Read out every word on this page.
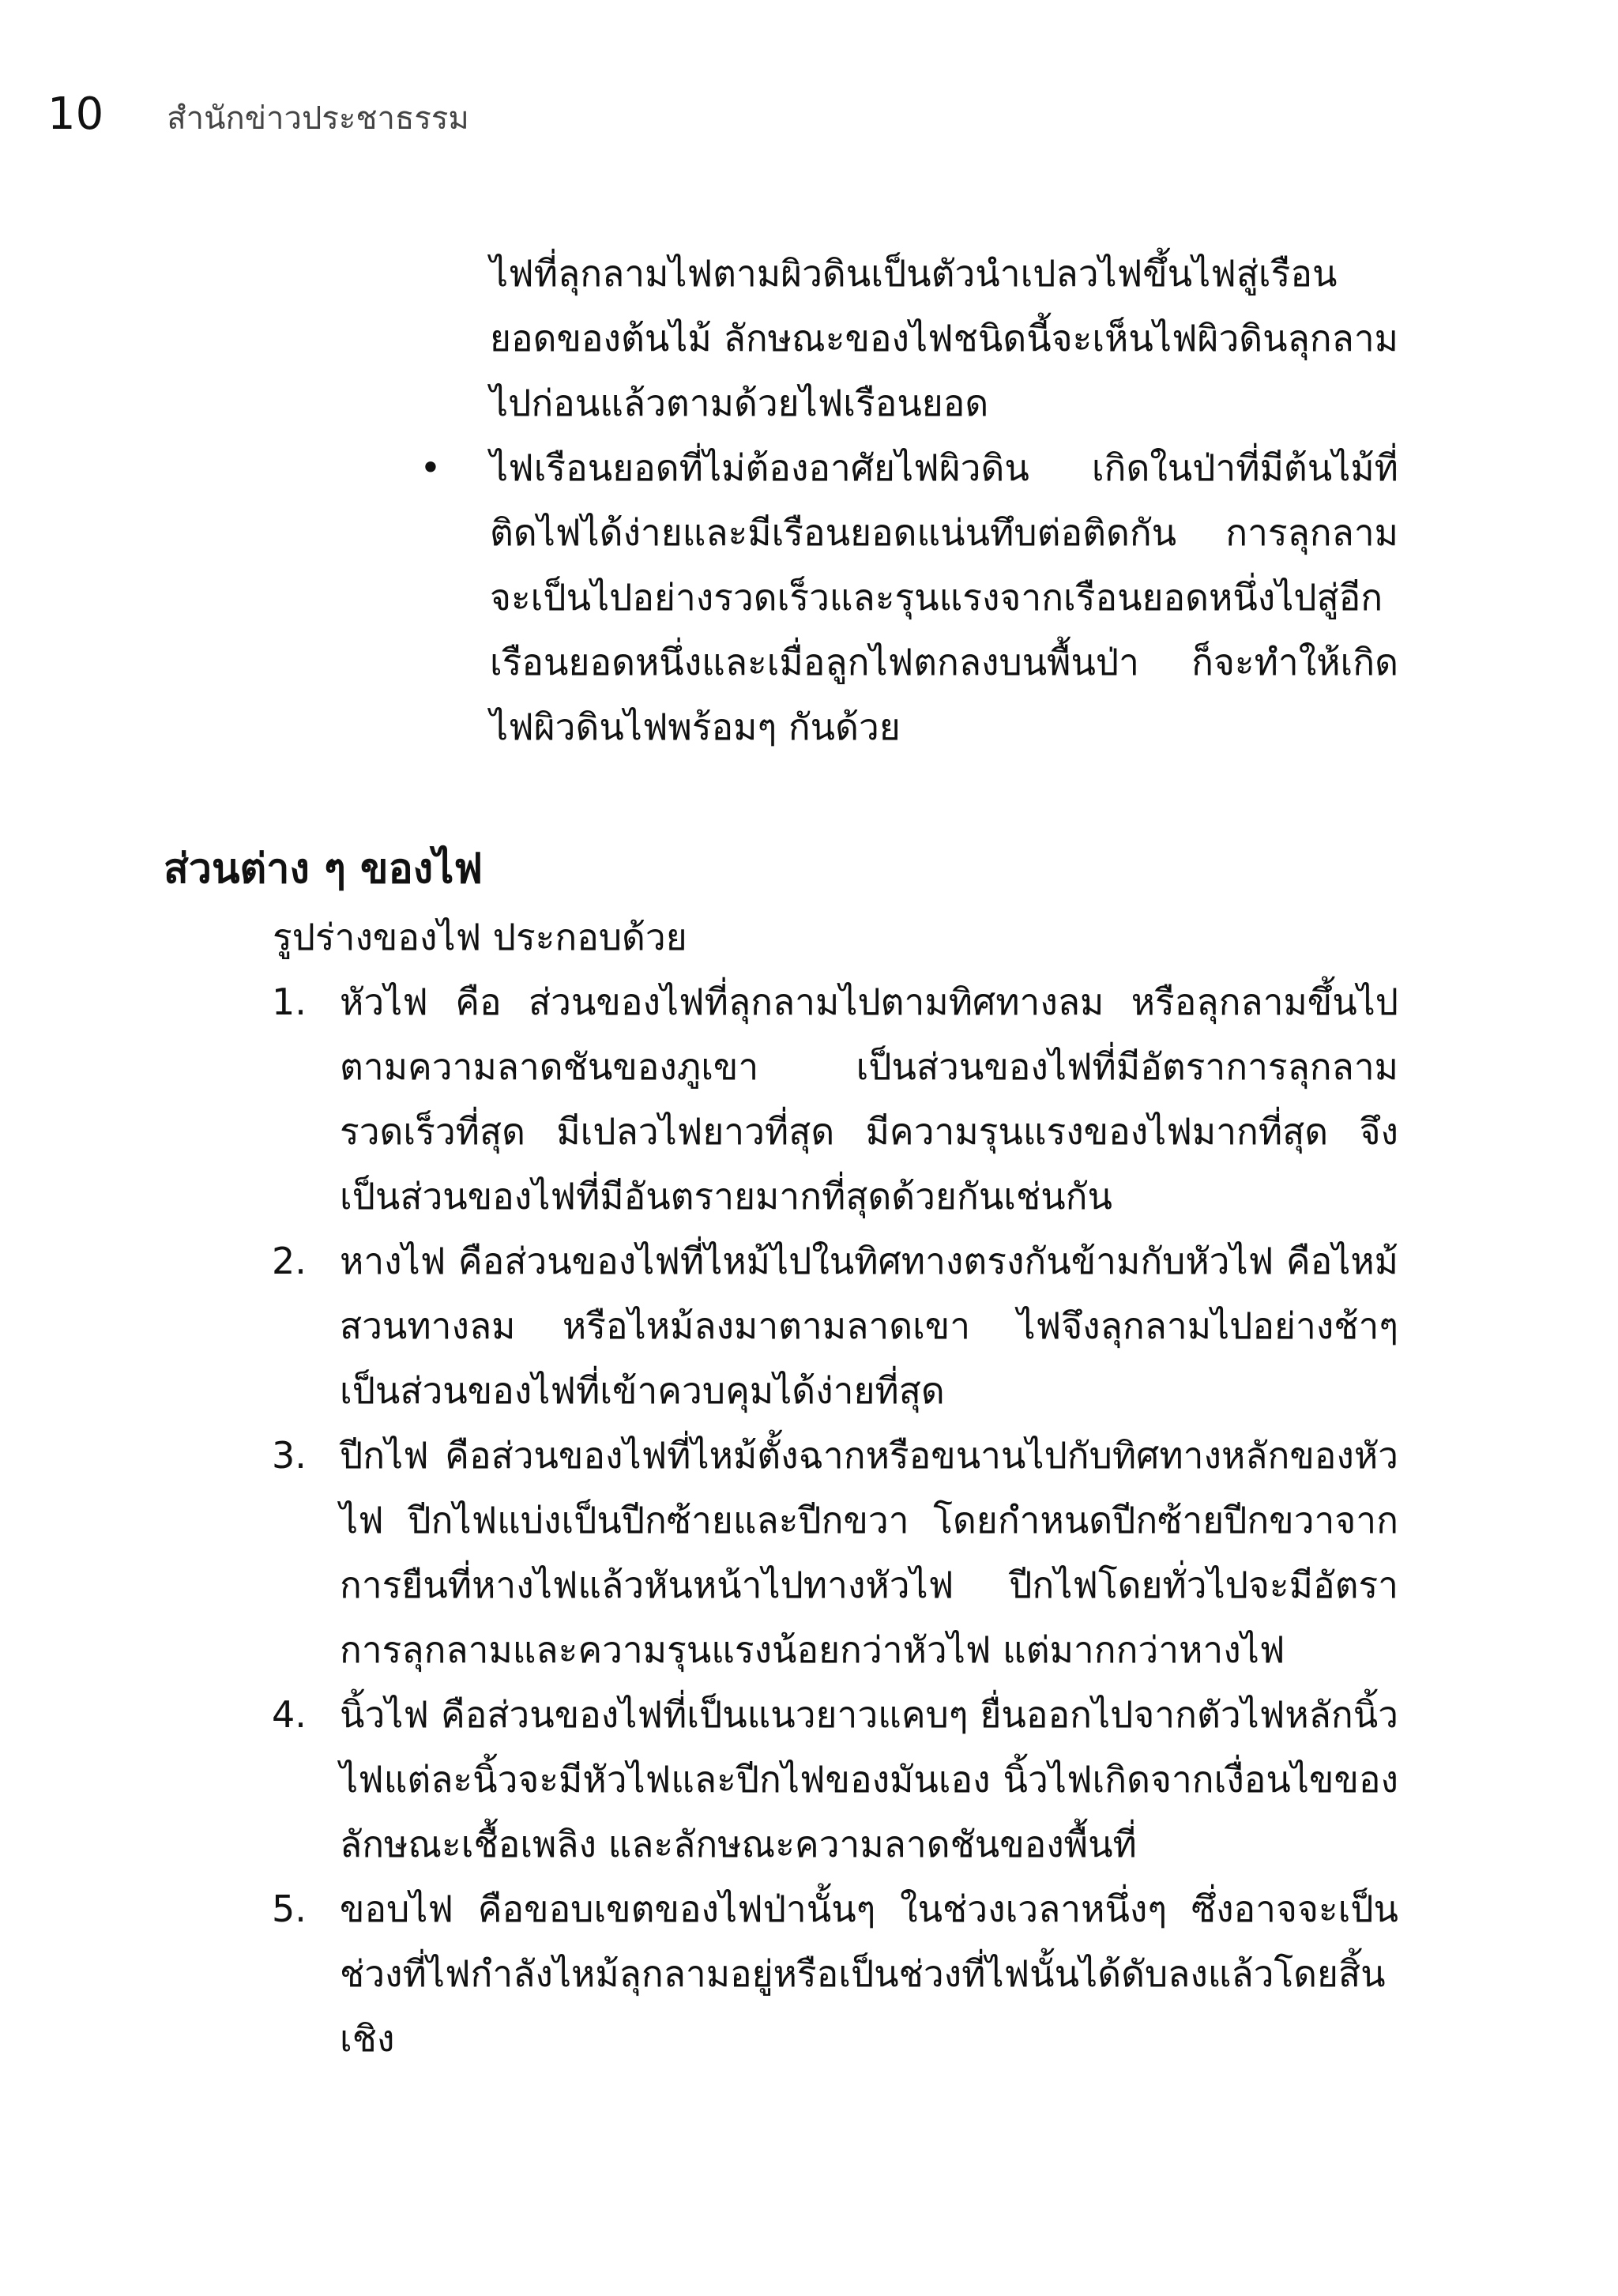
10 สำนักข่าวประชาธรรม

ไฟที่ลุกลามไฟตามผิวดินเป็นตัวนำเปลวไฟขึ้นไฟสู่เรือนยอดของต้นไม้ ลักษณะของไฟชนิดนี้จะเห็นไฟผิวดินลุกลามไปก่อนแล้วตามด้วยไฟเรือนยอด

• ไฟเรือนยอดที่ไม่ต้องอาศัยไฟผิวดิน เกิดในป่าที่มีต้นไม้ที่ติดไฟได้ง่ายและมีเรือนยอดแน่นทึบต่อติดกัน การลุกลามจะเป็นไปอย่างรวดเร็วและรุนแรงจากเรือนยอดหนึ่งไปสู่อีกเรือนยอดหนึ่งและเมื่อลูกไฟตกลงบนพื้นป่า ก็จะทำให้เกิดไฟผิวดินไฟพร้อมๆ กันด้วย
ส่วนต่าง ๆ ของไฟ

รูปร่างของไฟ ประกอบด้วย

1. หัวไฟ คือ ส่วนของไฟที่ลุกลามไปตามทิศทางลม หรือลุกลามขึ้นไปตามความลาดชันของภูเขา เป็นส่วนของไฟที่มีอัตราการลุกลามรวดเร็วที่สุด มีเปลวไฟยาวที่สุด มีความรุนแรงของไฟมากที่สุด จึงเป็นส่วนของไฟที่มีอันตรายมากที่สุดด้วยกันเช่นกัน
2. หางไฟ คือส่วนของไฟที่ไหม้ไปในทิศทางตรงกันข้ามกับหัวไฟ คือไหม้สวนทางลม หรือไหม้ลงมาตามลาดเขา ไฟจึงลุกลามไปอย่างช้าๆ เป็นส่วนของไฟที่เข้าควบคุมได้ง่ายที่สุด
3. ปีกไฟ คือส่วนของไฟที่ไหม้ตั้งฉากหรือขนานไปกับทิศทางหลักของหัวไฟ ปีกไฟแบ่งเป็นปีกซ้ายและปีกขวา โดยกำหนดปีกซ้ายปีกขวาจากการยืนที่หางไฟแล้วหันหน้าไปทางหัวไฟ ปีกไฟโดยทั่วไปจะมีอัตราการลุกลามและความรุนแรงน้อยกว่าหัวไฟ แต่มากกว่าหางไฟ
4. นิ้วไฟ คือส่วนของไฟที่เป็นแนวยาวแคบๆ ยื่นออกไปจากตัวไฟหลักนิ้วไฟแต่ละนิ้วจะมีหัวไฟและปีกไฟของมันเอง นิ้วไฟเกิดจากเงื่อนไขของลักษณะเชื้อเพลิง และลักษณะความลาดชันของพื้นที่
5. ขอบไฟ คือขอบเขตของไฟป่านั้นๆ ในช่วงเวลาหนึ่งๆ ซึ่งอาจจะเป็นช่วงที่ไฟกำลังไหม้ลุกลามอยู่หรือเป็นช่วงที่ไฟนั้นได้ดับลงแล้วโดยสิ้นเชิง
